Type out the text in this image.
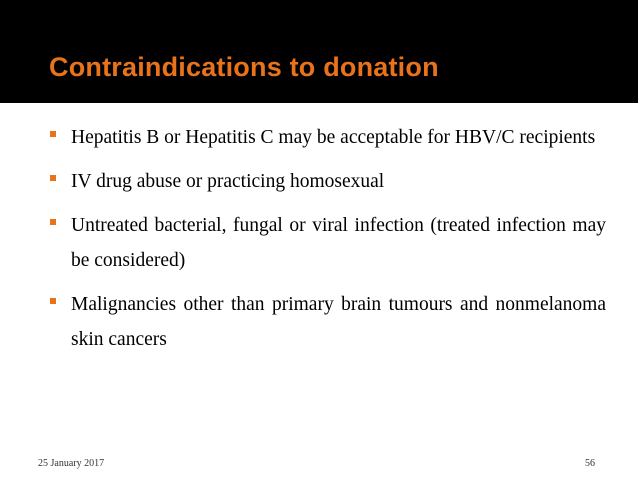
Contraindications to donation
Hepatitis B or Hepatitis C may be acceptable for HBV/C recipients
IV drug abuse or practicing homosexual
Untreated bacterial, fungal or viral infection (treated infection may be considered)
Malignancies other than primary brain tumours and nonmelanoma skin cancers
25 January 2017	56
